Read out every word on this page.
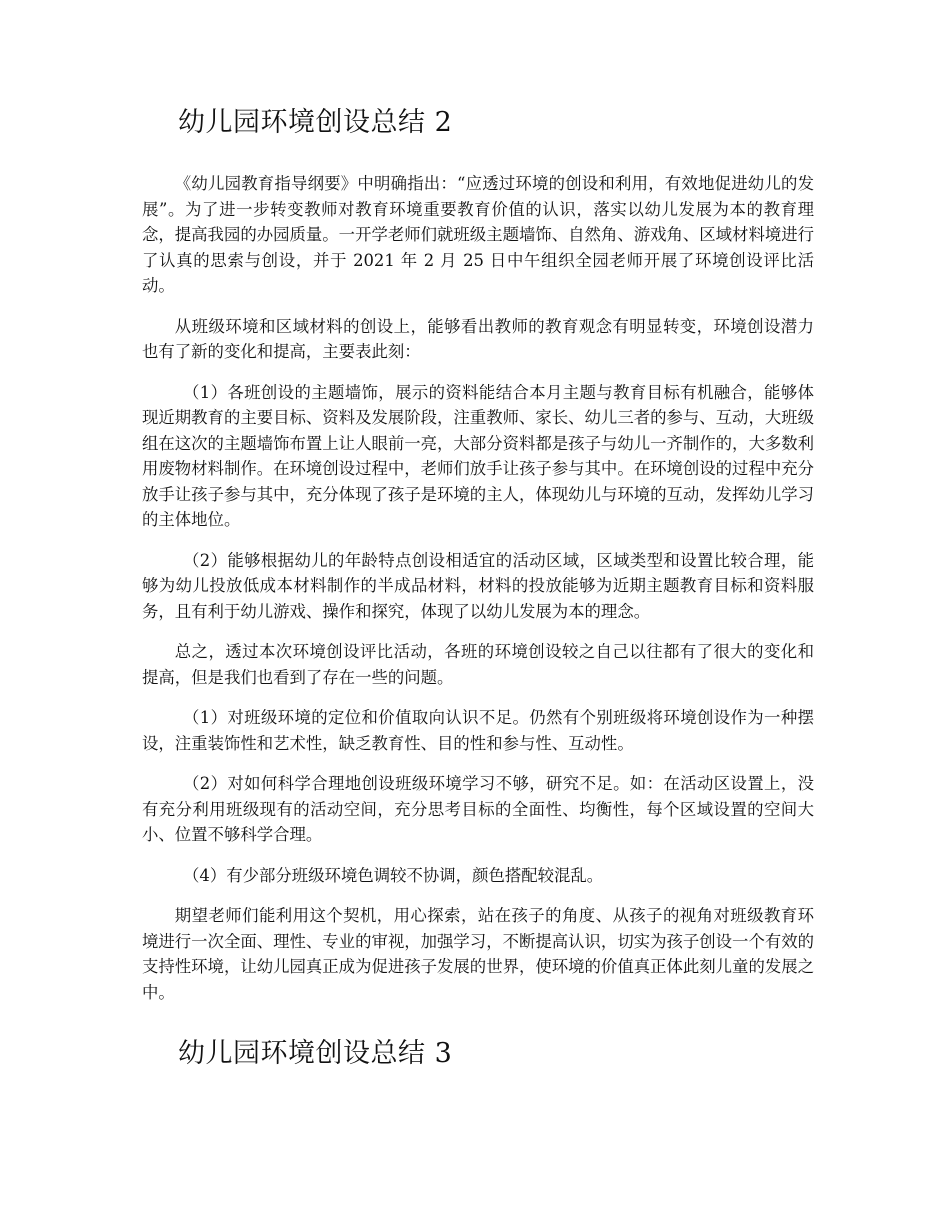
幼儿园环境创设总结 2

《幼儿园教育指导纲要》中明确指出：“应透过环境的创设和利用，有效地促进幼儿的发展”。为了进一步转变教师对教育环境重要教育价值的认识，落实以幼儿发展为本的教育理念，提高我园的办园质量。一开学老师们就班级主题墙饰、自然角、游戏角、区域材料境进行了认真的思索与创设，并于 2021 年 2 月 25 日中午组织全园老师开展了环境创设评比活动。

从班级环境和区域材料的创设上，能够看出教师的教育观念有明显转变，环境创设潜力也有了新的变化和提高，主要表此刻：

（1）各班创设的主题墙饰，展示的资料能结合本月主题与教育目标有机融合，能够体现近期教育的主要目标、资料及发展阶段，注重教师、家长、幼儿三者的参与、互动，大班级组在这次的主题墙饰布置上让人眼前一亮，大部分资料都是孩子与幼儿一齐制作的，大多数利用废物材料制作。在环境创设过程中，老师们放手让孩子参与其中。在环境创设的过程中充分放手让孩子参与其中，充分体现了孩子是环境的主人，体现幼儿与环境的互动，发挥幼儿学习的主体地位。

（2）能够根据幼儿的年龄特点创设相适宜的活动区域，区域类型和设置比较合理，能够为幼儿投放低成本材料制作的半成品材料，材料的投放能够为近期主题教育目标和资料服务，且有利于幼儿游戏、操作和探究，体现了以幼儿发展为本的理念。

总之，透过本次环境创设评比活动，各班的环境创设较之自己以往都有了很大的变化和提高，但是我们也看到了存在一些的问题。

（1）对班级环境的定位和价值取向认识不足。仍然有个别班级将环境创设作为一种摆设，注重装饰性和艺术性，缺乏教育性、目的性和参与性、互动性。

（2）对如何科学合理地创设班级环境学习不够，研究不足。如：在活动区设置上，没有充分利用班级现有的活动空间，充分思考目标的全面性、均衡性，每个区域设置的空间大小、位置不够科学合理。

（4）有少部分班级环境色调较不协调，颜色搭配较混乱。

期望老师们能利用这个契机，用心探索，站在孩子的角度、从孩子的视角对班级教育环境进行一次全面、理性、专业的审视，加强学习，不断提高认识，切实为孩子创设一个有效的支持性环境，让幼儿园真正成为促进孩子发展的世界，使环境的价值真正体此刻儿童的发展之中。

幼儿园环境创设总结 3
